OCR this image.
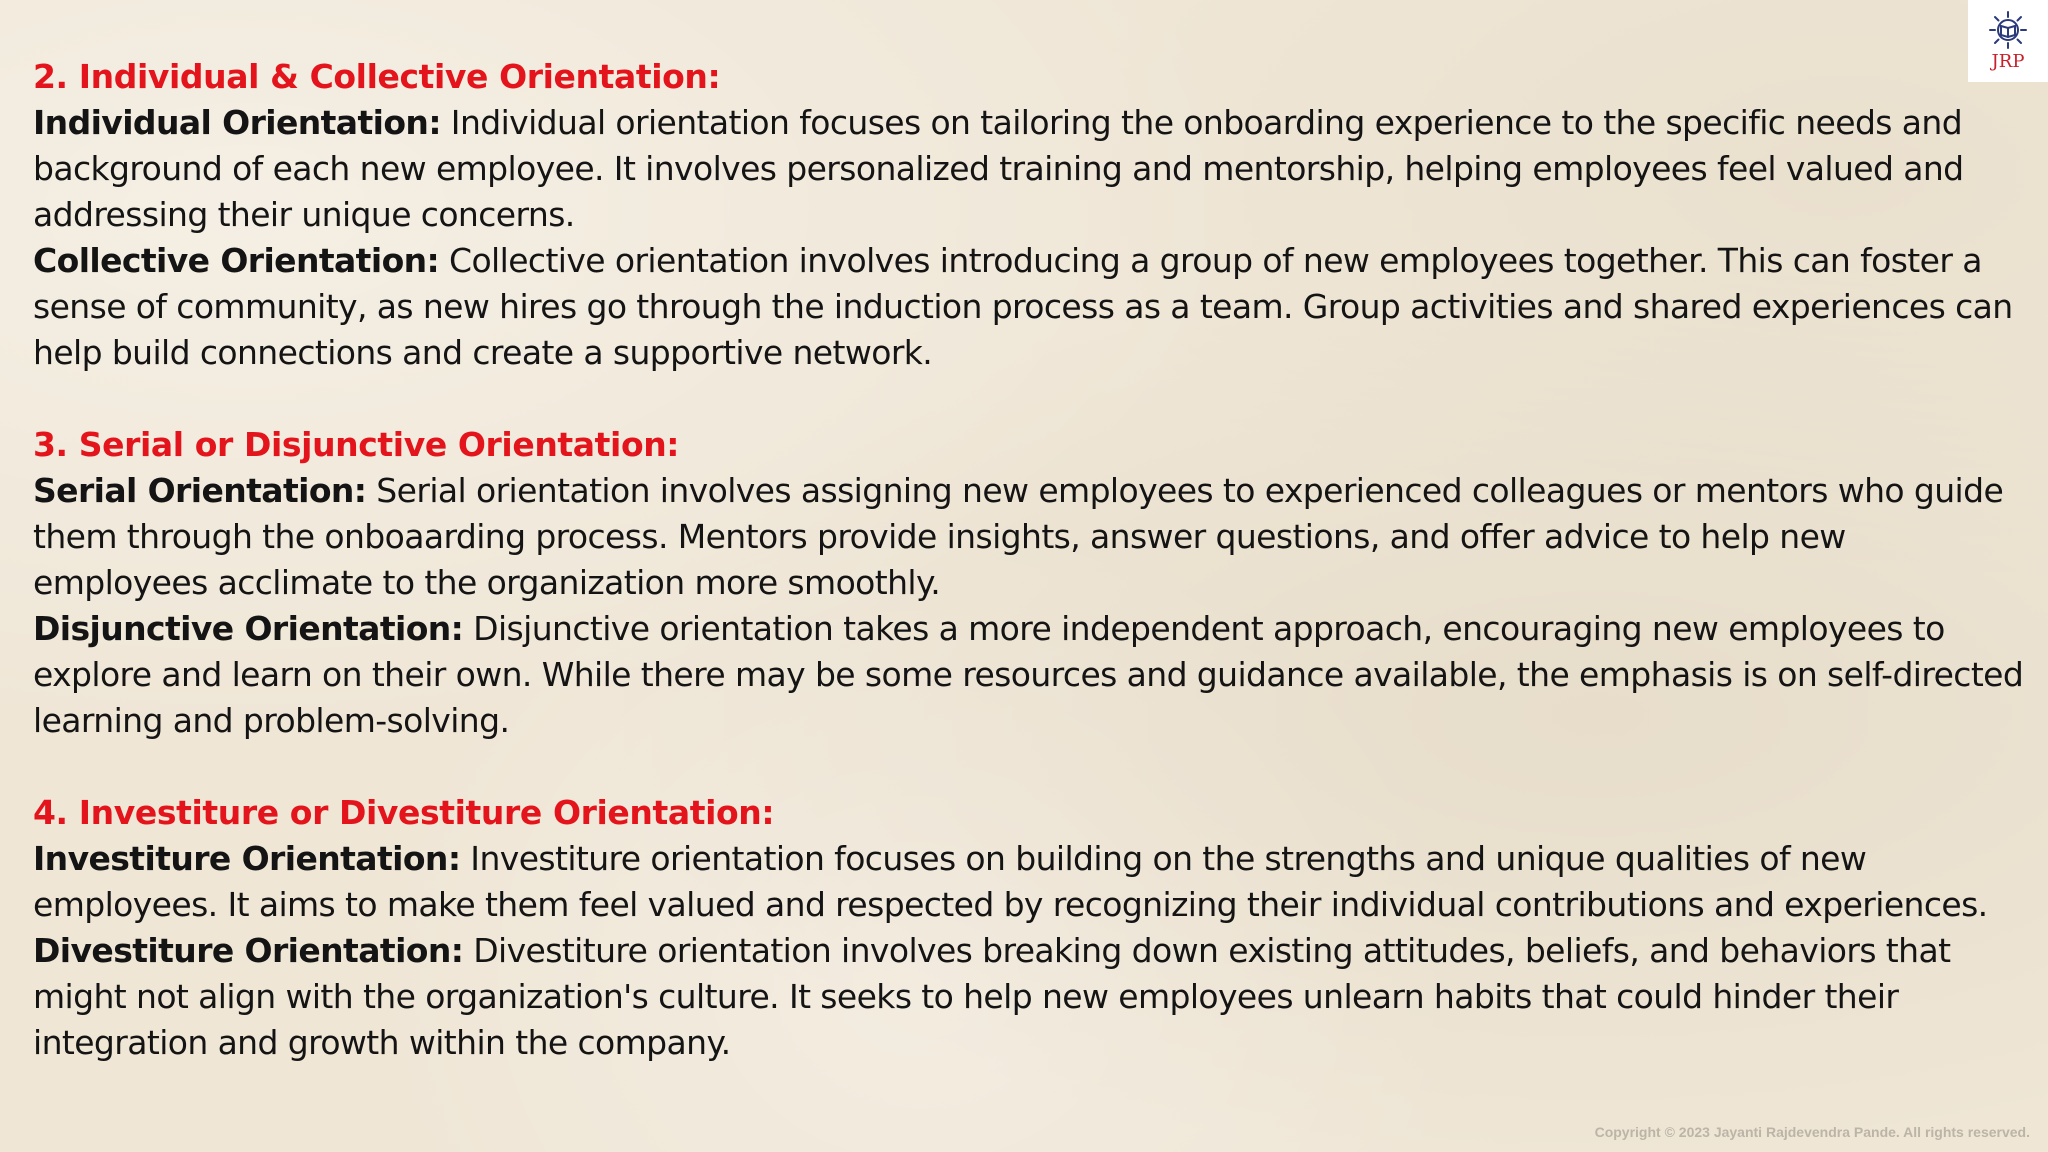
JRP

2. Individual & Collective Orientation:

Individual Orientation: Individual orientation focuses on tailoring the onboarding experience to the specific needs and background of each new employee. It involves personalized training and mentorship, helping employees feel valued and addressing their unique concerns.

Collective Orientation: Collective orientation involves introducing a group of new employees together. This can foster a sense of community, as new hires go through the induction process as a team. Group activities and shared experiences can help build connections and create a supportive network.

3. Serial or Disjunctive Orientation:

Serial Orientation: Serial orientation involves assigning new employees to experienced colleagues or mentors who guide them through the onboaarding process. Mentors provide insights, answer questions, and offer advice to help new employees acclimate to the organization more smoothly.

Disjunctive Orientation: Disjunctive orientation takes a more independent approach, encouraging new employees to explore and learn on their own. While there may be some resources and guidance available, the emphasis is on self-directed learning and problem-solving.

4. Investiture or Divestiture Orientation:

Investiture Orientation: Investiture orientation focuses on building on the strengths and unique qualities of new employees. It aims to make them feel valued and respected by recognizing their individual contributions and experiences.

Divestiture Orientation: Divestiture orientation involves breaking down existing attitudes, beliefs, and behaviors that might not align with the organization's culture. It seeks to help new employees unlearn habits that could hinder their integration and growth within the company.

Copyright © 2023 Jayanti Rajdevendra Pande. All rights reserved.
